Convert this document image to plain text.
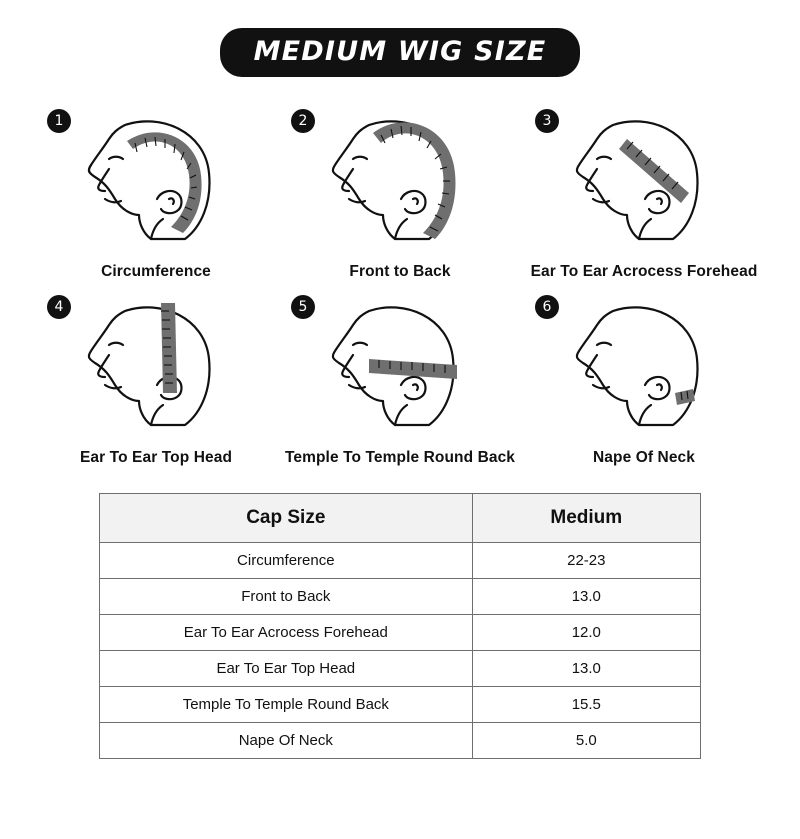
MEDIUM WIG SIZE
1
Circumference
2
Front to Back
3
Ear To Ear Acrocess Forehead
4
Ear To Ear Top Head
5
Temple To Temple Round Back
6
Nape Of Neck
Cap Size	Medium
Circumference	22-23
Front to Back	13.0
Ear To Ear Acrocess Forehead	12.0
Ear To Ear Top Head	13.0
Temple To Temple Round Back	15.5
Nape Of Neck	5.0
